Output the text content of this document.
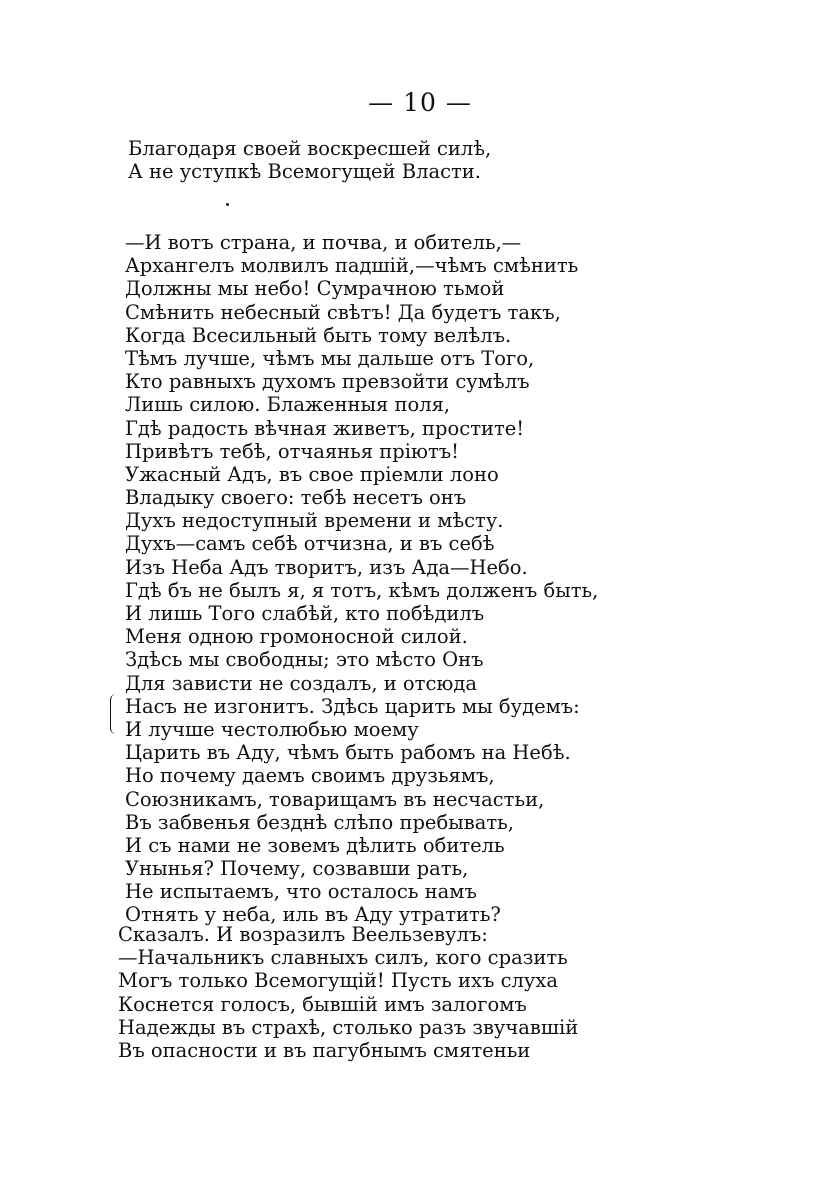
— 10 —
Благодаря своей воскресшей силѣ,
А не уступкѣ Всемогущей Власти.
—И вотъ страна, и почва, и обитель,—
Архангелъ молвилъ падшій,—чѣмъ смѣнить
Должны мы небо! Сумрачною тьмой
Смѣнить небесный свѣтъ! Да будетъ такъ,
Когда Всесильный быть тому велѣлъ.
Тѣмъ лучше, чѣмъ мы дальше отъ Того,
Кто равныхъ духомъ превзойти сумѣлъ
Лишь силою. Блаженныя поля,
Гдѣ радость вѣчная живетъ, простите!
Привѣтъ тебѣ, отчаянья пріютъ!
Ужасный Адъ, въ свое пріемли лоно
Владыку своего: тебѣ несетъ онъ
Духъ недоступный времени и мѣсту.
Духъ—самъ себѣ отчизна, и въ себѣ
Изъ Неба Адъ творитъ, изъ Ада—Небо.
Гдѣ бъ не былъ я, я тотъ, кѣмъ долженъ быть,
И лишь Того слабѣй, кто побѣдилъ
Меня одною громоносной силой.
Здѣсь мы свободны; это мѣсто Онъ
Для зависти не создалъ, и отсюда
Насъ не изгонитъ. Здѣсь царить мы будемъ:
И лучше честолюбью моему
Царить въ Аду, чѣмъ быть рабомъ на Небѣ.
Но почему даемъ своимъ друзьямъ,
Союзникамъ, товарищамъ въ несчастьи,
Въ забвенья безднѣ слѣпо пребывать,
И съ нами не зовемъ дѣлить обитель
Унынья? Почему, созвавши рать,
Не испытаемъ, что осталось намъ
Отнять у неба, иль въ Аду утратить?
Сказалъ. И возразилъ Веельзевулъ:
—Начальникъ славныхъ силъ, кого сразить
Могъ только Всемогущій! Пусть ихъ слуха
Коснется голосъ, бывшій имъ залогомъ
Надежды въ страхѣ, столько разъ звучавшій
Въ опасности и въ пагубнымъ смятеньи
